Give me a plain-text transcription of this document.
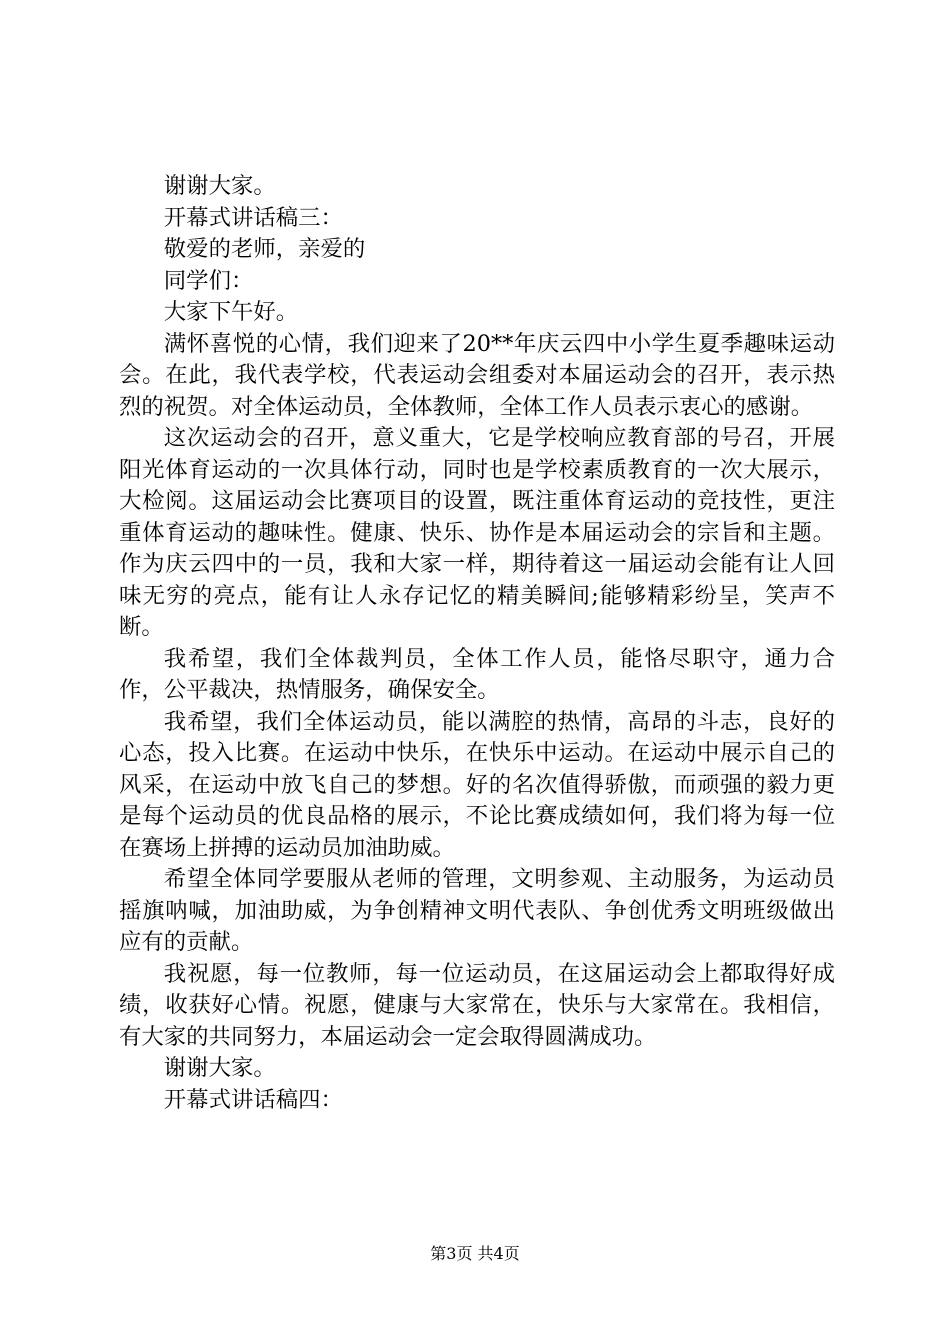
谢谢大家。

开幕式讲话稿三：

敬爱的老师，亲爱的

同学们：

大家下午好。

满怀喜悦的心情，我们迎来了20**年庆云四中小学生夏季趣味运动会。在此，我代表学校，代表运动会组委对本届运动会的召开，表示热烈的祝贺。对全体运动员，全体教师，全体工作人员表示衷心的感谢。

这次运动会的召开，意义重大，它是学校响应教育部的号召，开展阳光体育运动的一次具体行动，同时也是学校素质教育的一次大展示，大检阅。这届运动会比赛项目的设置，既注重体育运动的竞技性，更注重体育运动的趣味性。健康、快乐、协作是本届运动会的宗旨和主题。作为庆云四中的一员，我和大家一样，期待着这一届运动会能有让人回味无穷的亮点，能有让人永存记忆的精美瞬间;能够精彩纷呈，笑声不断。

我希望，我们全体裁判员，全体工作人员，能恪尽职守，通力合作，公平裁决，热情服务，确保安全。

我希望，我们全体运动员，能以满腔的热情，高昂的斗志，良好的心态，投入比赛。在运动中快乐，在快乐中运动。在运动中展示自己的风采，在运动中放飞自己的梦想。好的名次值得骄傲，而顽强的毅力更是每个运动员的优良品格的展示，不论比赛成绩如何，我们将为每一位在赛场上拼搏的运动员加油助威。

希望全体同学要服从老师的管理，文明参观、主动服务，为运动员摇旗呐喊，加油助威，为争创精神文明代表队、争创优秀文明班级做出应有的贡献。

我祝愿，每一位教师，每一位运动员，在这届运动会上都取得好成绩，收获好心情。祝愿，健康与大家常在，快乐与大家常在。我相信，有大家的共同努力，本届运动会一定会取得圆满成功。

谢谢大家。

开幕式讲话稿四：

第3页 共4页
